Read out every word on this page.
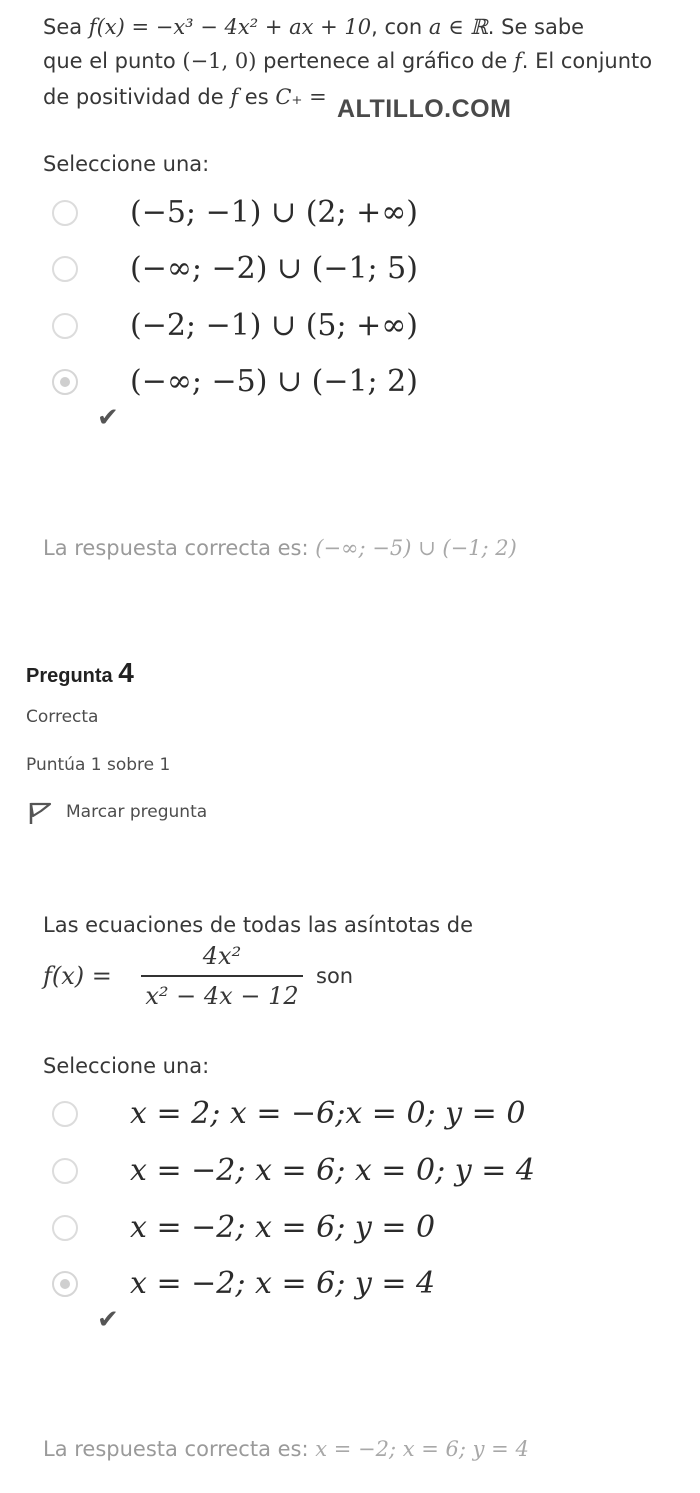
Sea f(x) = −x³ − 4x² + ax + 10, con a ∈ ℝ. Se sabe
que el punto (−1, 0) pertenece al gráfico de f. El conjunto
de positividad de f es C₊ = ALTILLO.COM
Seleccione una:
(−5; −1) ∪ (2; +∞)
(−∞; −2) ∪ (−1; 5)
(−2; −1) ∪ (5; +∞)
(−∞; −5) ∪ (−1; 2)
✔
La respuesta correcta es: (−∞; −5) ∪ (−1; 2)
Pregunta 4
Correcta
Puntúa 1 sobre 1
Marcar pregunta
Las ecuaciones de todas las asíntotas de
f(x) =
4x²
x² − 4x − 12
son
Seleccione una:
x = 2; x = −6;x = 0; y = 0
x = −2; x = 6; x = 0; y = 4
x = −2; x = 6; y = 0
x = −2; x = 6; y = 4
✔
La respuesta correcta es: x = −2; x = 6; y = 4
